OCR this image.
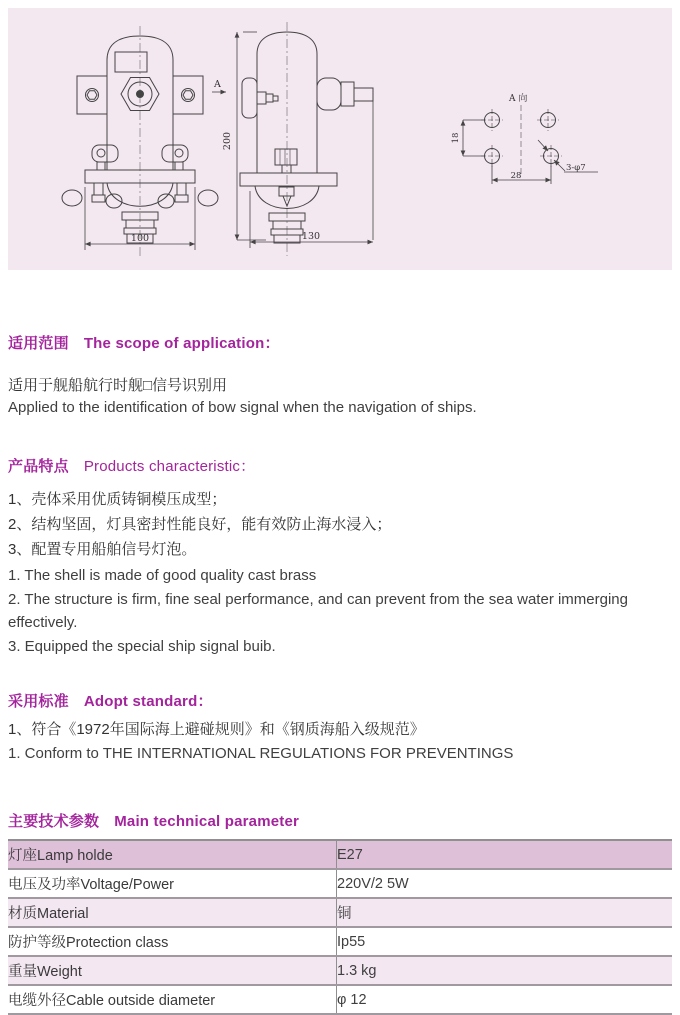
100
A
200
130
A 向
18
28
3-φ7
适用范围 The scope of application：
适用于舰船航行时舰□信号识别用
Applied to the identification of bow signal when the navigation of ships.
产品特点 Products characteristic：
1、壳体采用优质铸铜模压成型；
2、结构坚固，灯具密封性能良好，能有效防止海水浸入；
3、配置专用船舶信号灯泡。
1. The shell is made of good quality cast brass
2. The structure is firm, fine seal performance, and can prevent from the sea water immerging effectively.
3. Equipped the special ship signal buib.
采用标准 Adopt standard：
1、符合《1972年国际海上避碰规则》和《钢质海船入级规范》
1. Conform to THE INTERNATIONAL REGULATIONS FOR PREVENTINGS
主要技术参数 Main technical parameter
灯座Lamp holde	E27
电压及功率Voltage/Power	220V/2 5W
材质Material	铜
防护等级Protection class	Ip55
重量Weight	1.3 kg
电缆外径Cable outside diameter	φ 12
